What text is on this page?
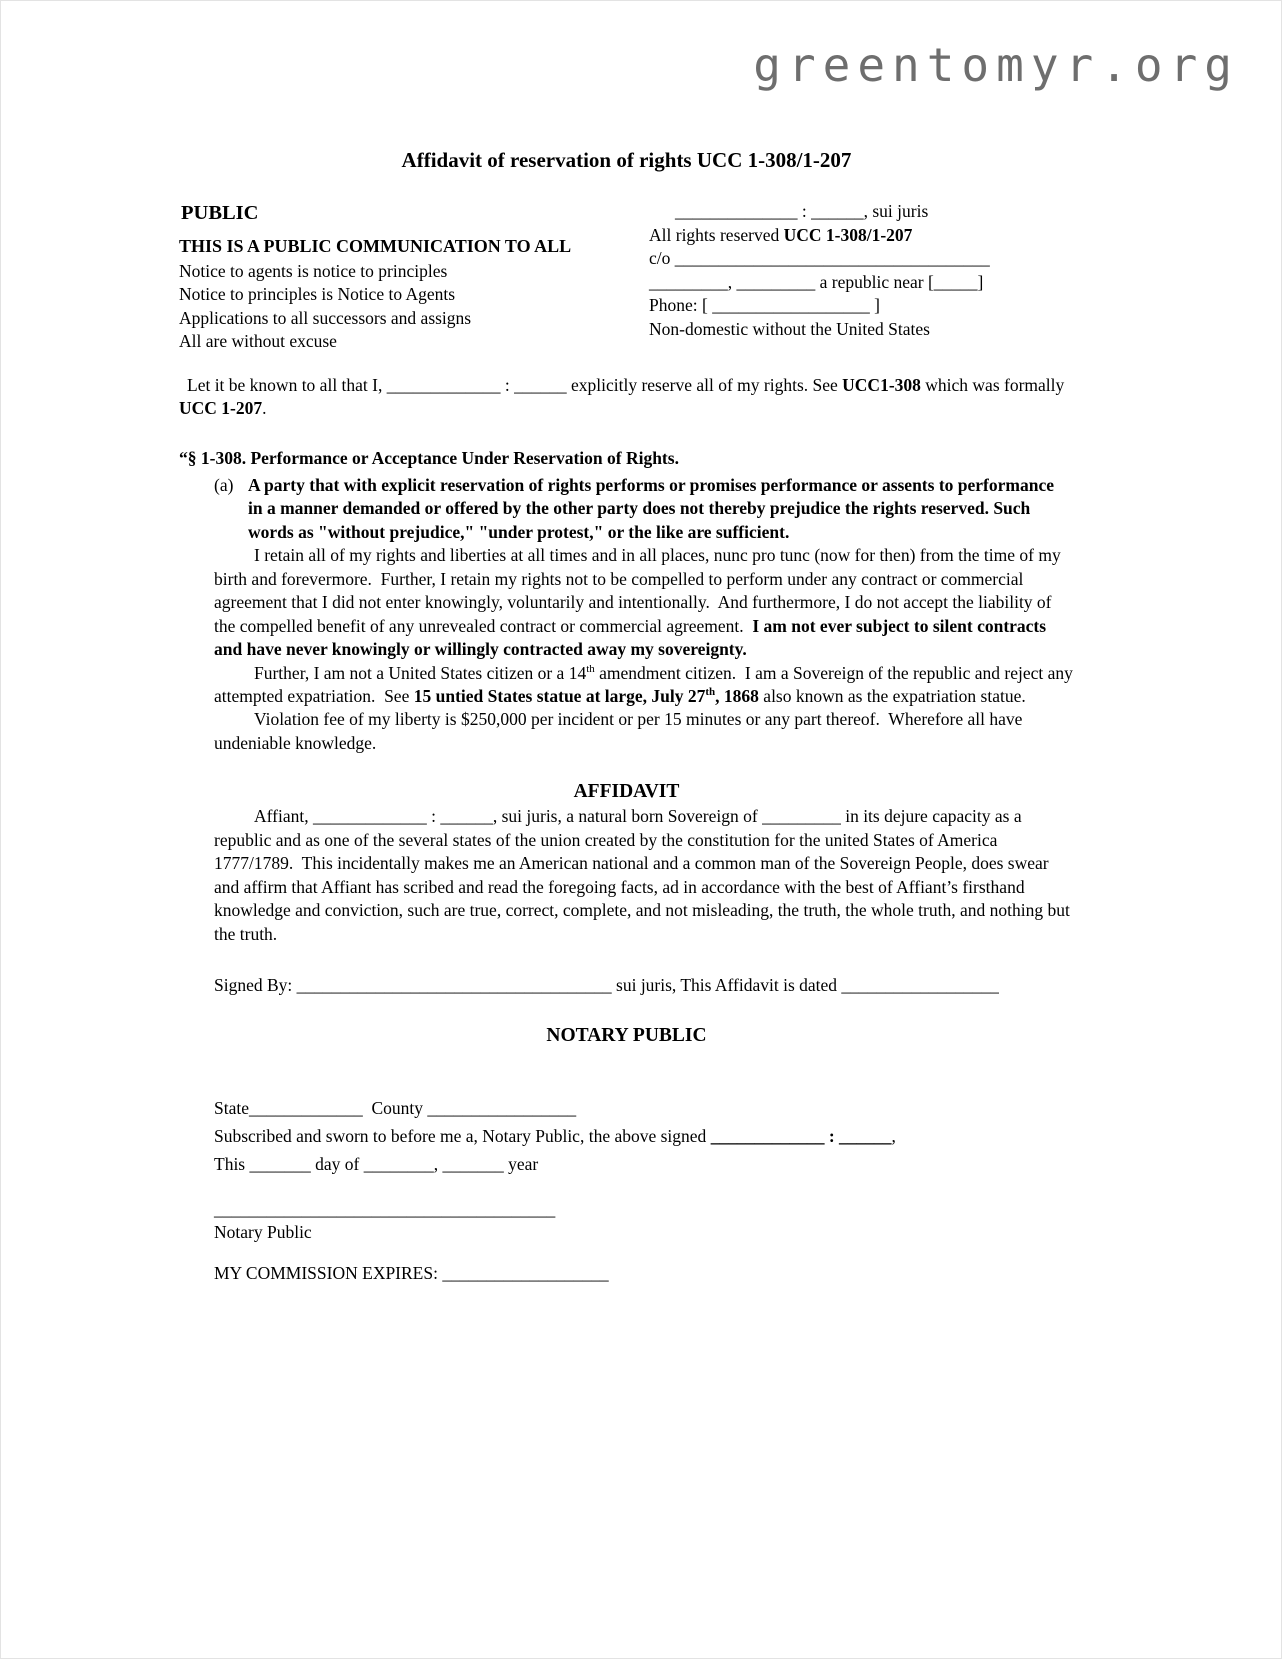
greentomyr.org
Affidavit of reservation of rights UCC 1-308/1-207
PUBLIC
THIS IS A PUBLIC COMMUNICATION TO ALL
Notice to agents is notice to principles
Notice to principles is Notice to Agents
Applications to all successors and assigns
All are without excuse
______________ : ______, sui juris
All rights reserved UCC 1-308/1-207
c/o ____________________________________
_________, _________ a republic near [_____]
Phone: [ __________________ ]
Non-domestic without the United States

Let it be known to all that I, _____________ : ______ explicitly reserve all of my rights. See UCC1-308 which was formally UCC 1-207.

“§ 1-308. Performance or Acceptance Under Reservation of Rights.

(a) A party that with explicit reservation of rights performs or promises performance or assents to performance in a manner demanded or offered by the other party does not thereby prejudice the rights reserved. Such words as "without prejudice," "under protest," or the like are sufficient.

I retain all of my rights and liberties at all times and in all places, nunc pro tunc (now for then) from the time of my birth and forevermore.  Further, I retain my rights not to be compelled to perform under any contract or commercial agreement that I did not enter knowingly, voluntarily and intentionally.  And furthermore, I do not accept the liability of the compelled benefit of any unrevealed contract or commercial agreement.  I am not ever subject to silent contracts and have never knowingly or willingly contracted away my sovereignty.

Further, I am not a United States citizen or a 14th amendment citizen.  I am a Sovereign of the republic and reject any attempted expatriation.  See 15 untied States statue at large, July 27th, 1868 also known as the expatriation statue.

Violation fee of my liberty is $250,000 per incident or per 15 minutes or any part thereof.  Wherefore all have undeniable knowledge.

AFFIDAVIT

Affiant, _____________ : ______, sui juris, a natural born Sovereign of _________ in its dejure capacity as a republic and as one of the several states of the union created by the constitution for the united States of America 1777/1789.  This incidentally makes me an American national and a common man of the Sovereign People, does swear and affirm that Affiant has scribed and read the foregoing facts, ad in accordance with the best of Affiant’s firsthand knowledge and conviction, such are true, correct, complete, and not misleading, the truth, the whole truth, and nothing but the truth.

Signed By: ____________________________________ sui juris, This Affidavit is dated __________________

NOTARY PUBLIC

State_____________  County _________________

Subscribed and sworn to before me a, Notary Public, the above signed _____________ : ______,

This _______ day of ________, _______ year

_______________________________________

Notary Public

MY COMMISSION EXPIRES: ___________________
